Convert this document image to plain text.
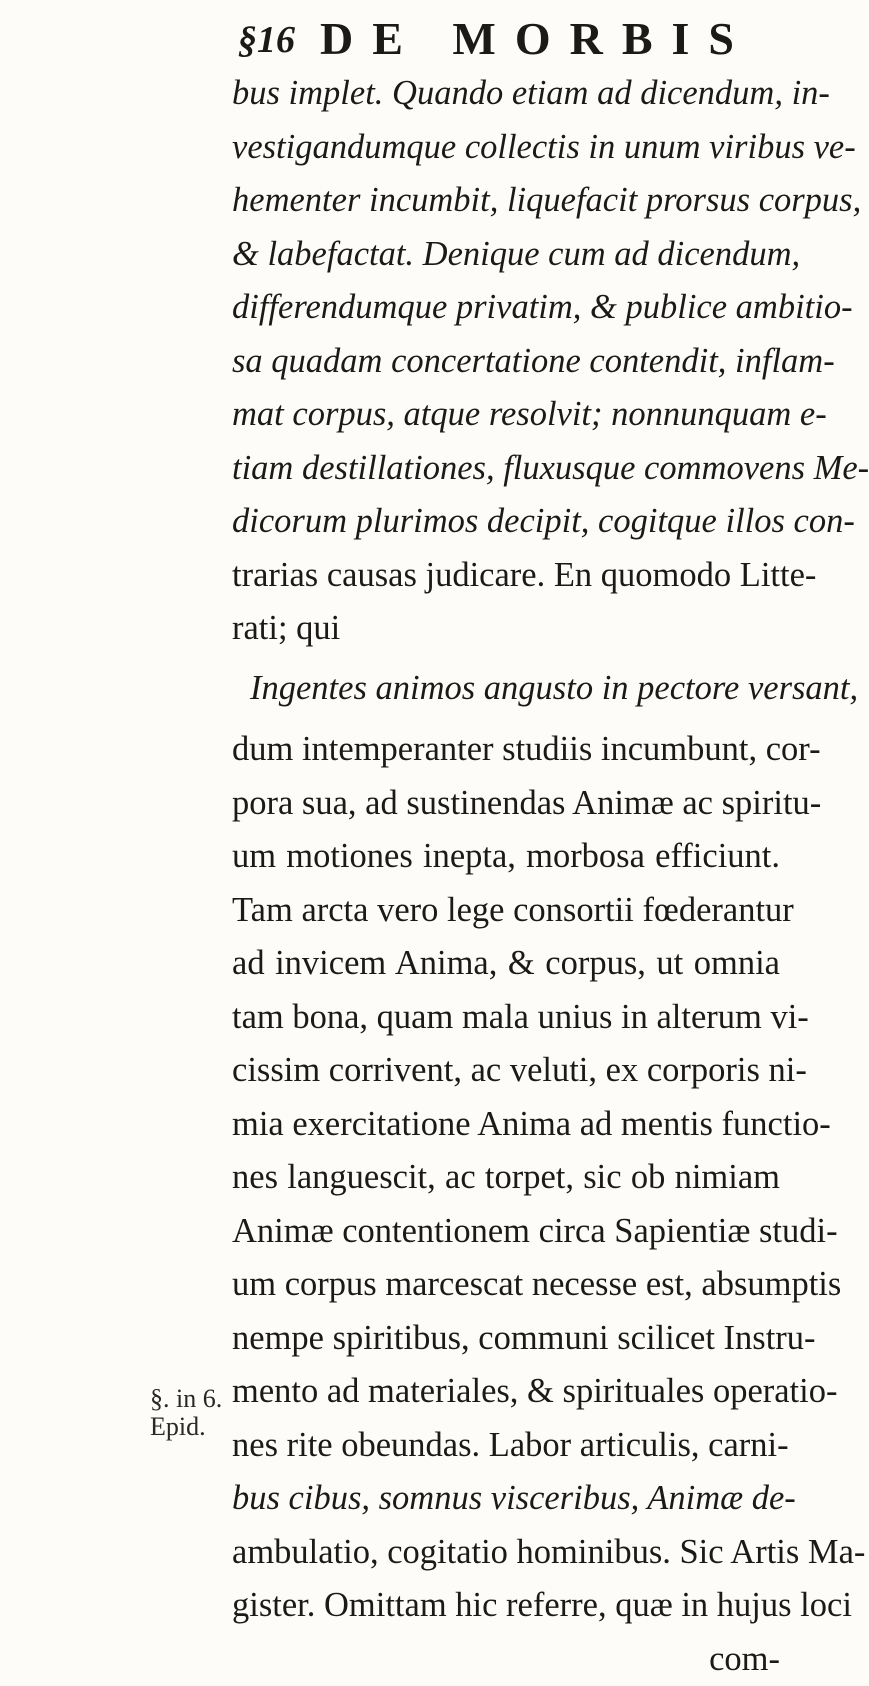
§16 DE MORBIS
bus implet. Quando etiam ad dicendum, in-
vestigandumque collectis in unum viribus ve-
hementer incumbit, liquefacit prorsus corpus,
& labefactat. Denique cum ad dicendum,
differendumque privatim, & publice ambitio-
sa quadam concertatione contendit, inflam-
mat corpus, atque resolvit; nonnunquam e-
tiam destillationes, fluxusque commovens Me-
dicorum plurimos decipit, cogitque illos con-
trarias causas judicare. En quomodo Litte-
rati; qui
Ingentes animos angusto in pectore versant,
dum intemperanter studiis incumbunt, cor-
pora sua, ad sustinendas Animæ ac spiritu-
um motiones inepta, morbosa efficiunt.
Tam arcta vero lege consortii fœderantur
ad invicem Anima, & corpus, ut omnia
tam bona, quam mala unius in alterum vi-
cissim corrivent, ac veluti, ex corporis ni-
mia exercitatione Anima ad mentis functio-
nes languescit, ac torpet, sic ob nimiam
Animæ contentionem circa Sapientiæ studi-
um corpus marcescat necesse est, absumptis
nempe spiritibus, communi scilicet Instru-
mento ad materiales, & spirituales operatio-
nes rite obeundas. Labor articulis, carni-
bus cibus, somnus visceribus, Animæ de-
ambulatio, cogitatio hominibus. Sic Artis Ma-
gister. Omittam hic referre, quæ in hujus loci
com-
§. in 6.
Epid.
